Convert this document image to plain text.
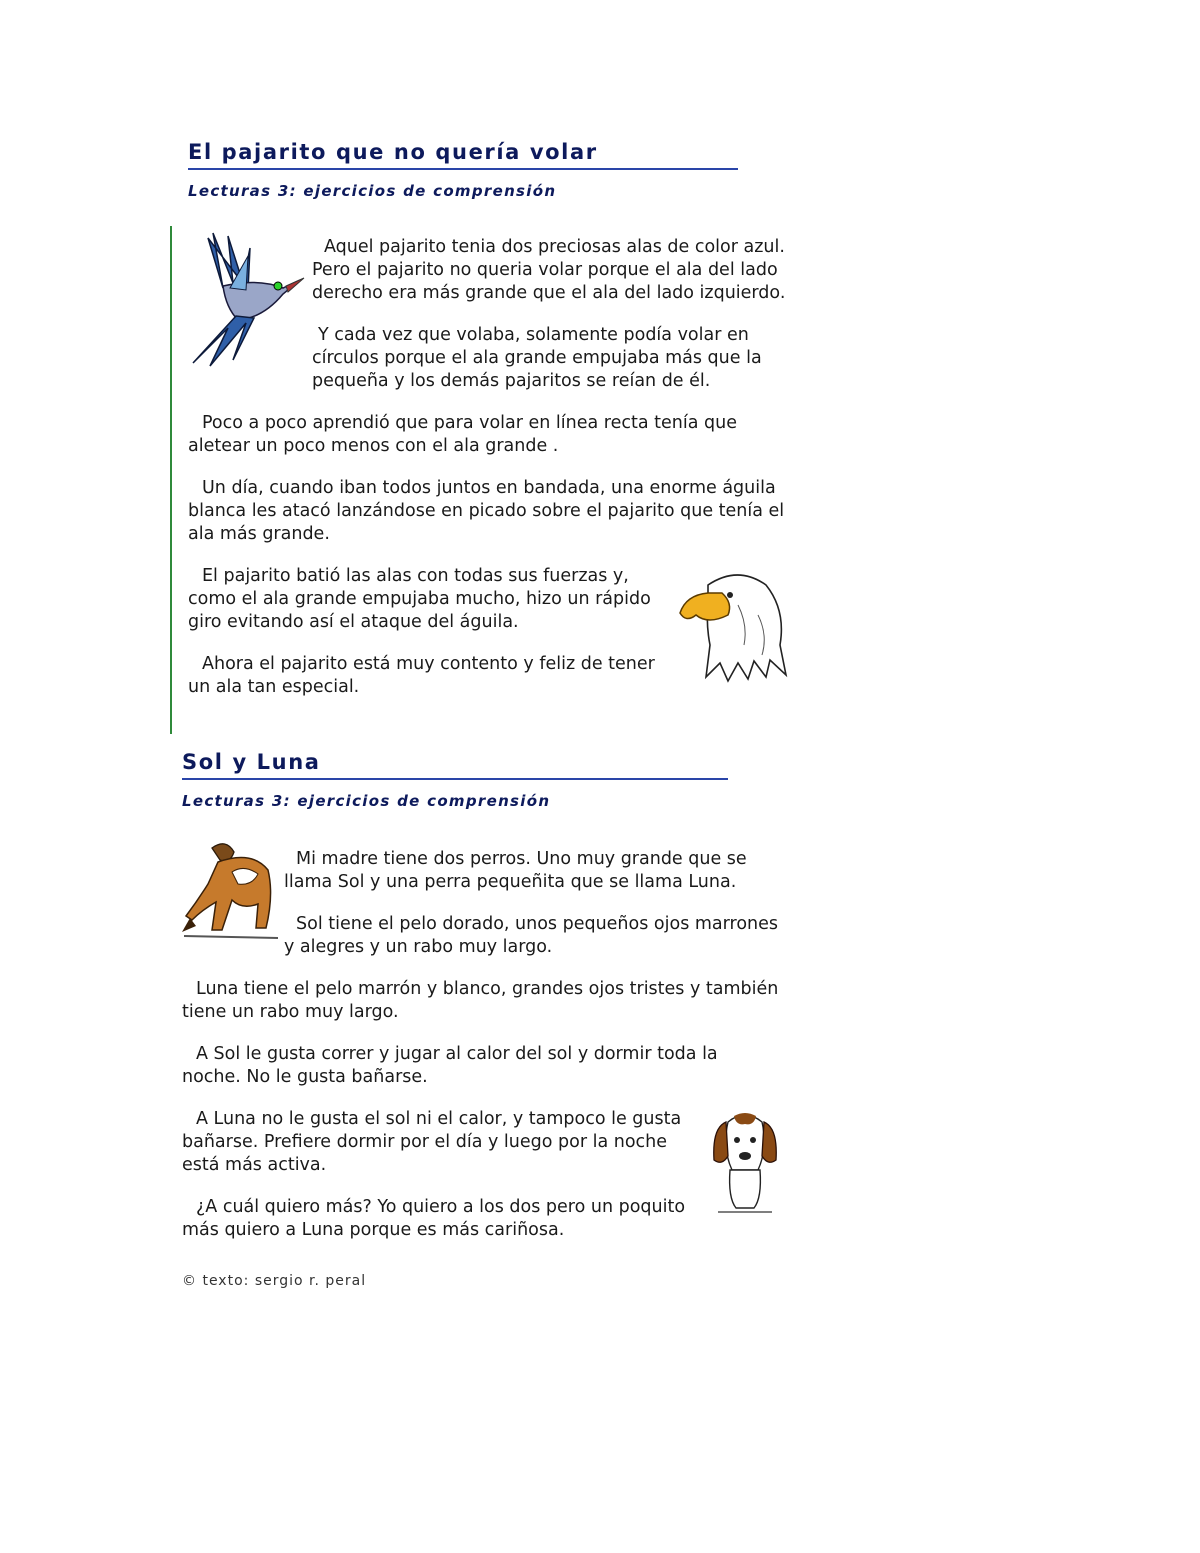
El pajarito que no quería volar
Lecturas 3: ejercicios de comprensión

Aquel pajarito tenia dos preciosas alas de color azul. Pero el pajarito no queria volar porque el ala del lado derecho era más grande que el ala del lado izquierdo.

Y cada vez que volaba, solamente podía volar en círculos porque el ala grande empujaba más que la pequeña y los demás pajaritos se reían de él.

Poco a poco aprendió que para volar en línea recta tenía que aletear un poco menos con el ala grande .

Un día, cuando iban todos juntos en bandada, una enorme águila blanca les atacó lanzándose en picado sobre el pajarito que tenía el ala más grande.

El pajarito batió las alas con todas sus fuerzas y, como el ala grande empujaba mucho, hizo un rápido giro evitando así el ataque del águila.

Ahora el pajarito está muy contento y feliz de tener un ala tan especial.

Sol y Luna
Lecturas 3: ejercicios de comprensión

Mi madre tiene dos perros. Uno muy grande que se llama Sol y una perra pequeñita que se llama Luna.

Sol tiene el pelo dorado, unos pequeños ojos marrones y alegres y un rabo muy largo.

Luna tiene el pelo marrón y blanco, grandes ojos tristes y también tiene un rabo muy largo.

A Sol le gusta correr y jugar al calor del sol y dormir toda la noche. No le gusta bañarse.

A Luna no le gusta el sol ni el calor, y tampoco le gusta bañarse. Prefiere dormir por el día y luego por la noche está más activa.

¿A cuál quiero más? Yo quiero a los dos pero un poquito más quiero a Luna porque es más cariñosa.

© texto: sergio r. peral
